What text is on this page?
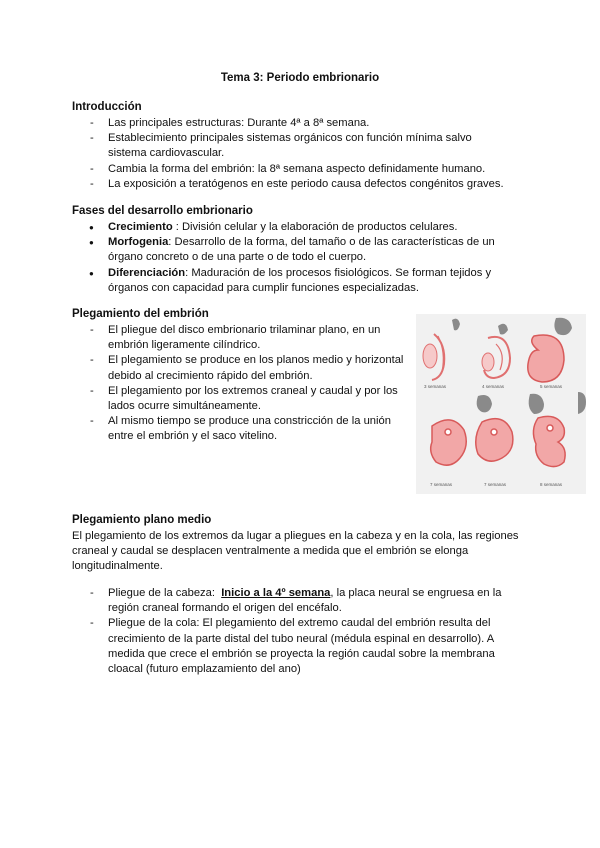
Tema 3: Periodo embrionario
Introducción
- Las principales estructuras: Durante 4ª a 8ª semana.
- Establecimiento principales sistemas orgánicos con función mínima salvo sistema cardiovascular.
- Cambia la forma del embrión: la 8ª semana aspecto definidamente humano.
- La exposición a teratógenos en este periodo causa defectos congénitos graves.
Fases del desarrollo embrionario
● Crecimiento : División celular y la elaboración de productos celulares.
● Morfogenia: Desarrollo de la forma, del tamaño o de las características de un órgano concreto o de una parte o de todo el cuerpo.
● Diferenciación: Maduración de los procesos fisiológicos. Se forman tejidos y órganos con capacidad para cumplir funciones especializadas.
Plegamiento del embrión
- El pliegue del disco embrionario trilaminar plano, en un embrión ligeramente cilíndrico.
- El plegamiento se produce en los planos medio y horizontal debido al crecimiento rápido del embrión.
- El plegamiento por los extremos craneal y caudal y por los lados ocurre simultáneamente.
- Al mismo tiempo se produce una constricción de la unión entre el embrión y el saco vitelino.
3 semanas	4 semanas	5 semanas
7 semanas	7 semanas	8 semanas
Plegamiento plano medio
El plegamiento de los extremos da lugar a pliegues en la cabeza y en la cola, las regiones craneal y caudal se desplacen ventralmente a medida que el embrión se elonga longitudinalmente.
- Pliegue de la cabeza:  Inicio a la 4º semana, la placa neural se engruesa en la región craneal formando el origen del encéfalo.
- Pliegue de la cola: El plegamiento del extremo caudal del embrión resulta del crecimiento de la parte distal del tubo neural (médula espinal en desarrollo). A medida que crece el embrión se proyecta la región caudal sobre la membrana cloacal (futuro emplazamiento del ano)
